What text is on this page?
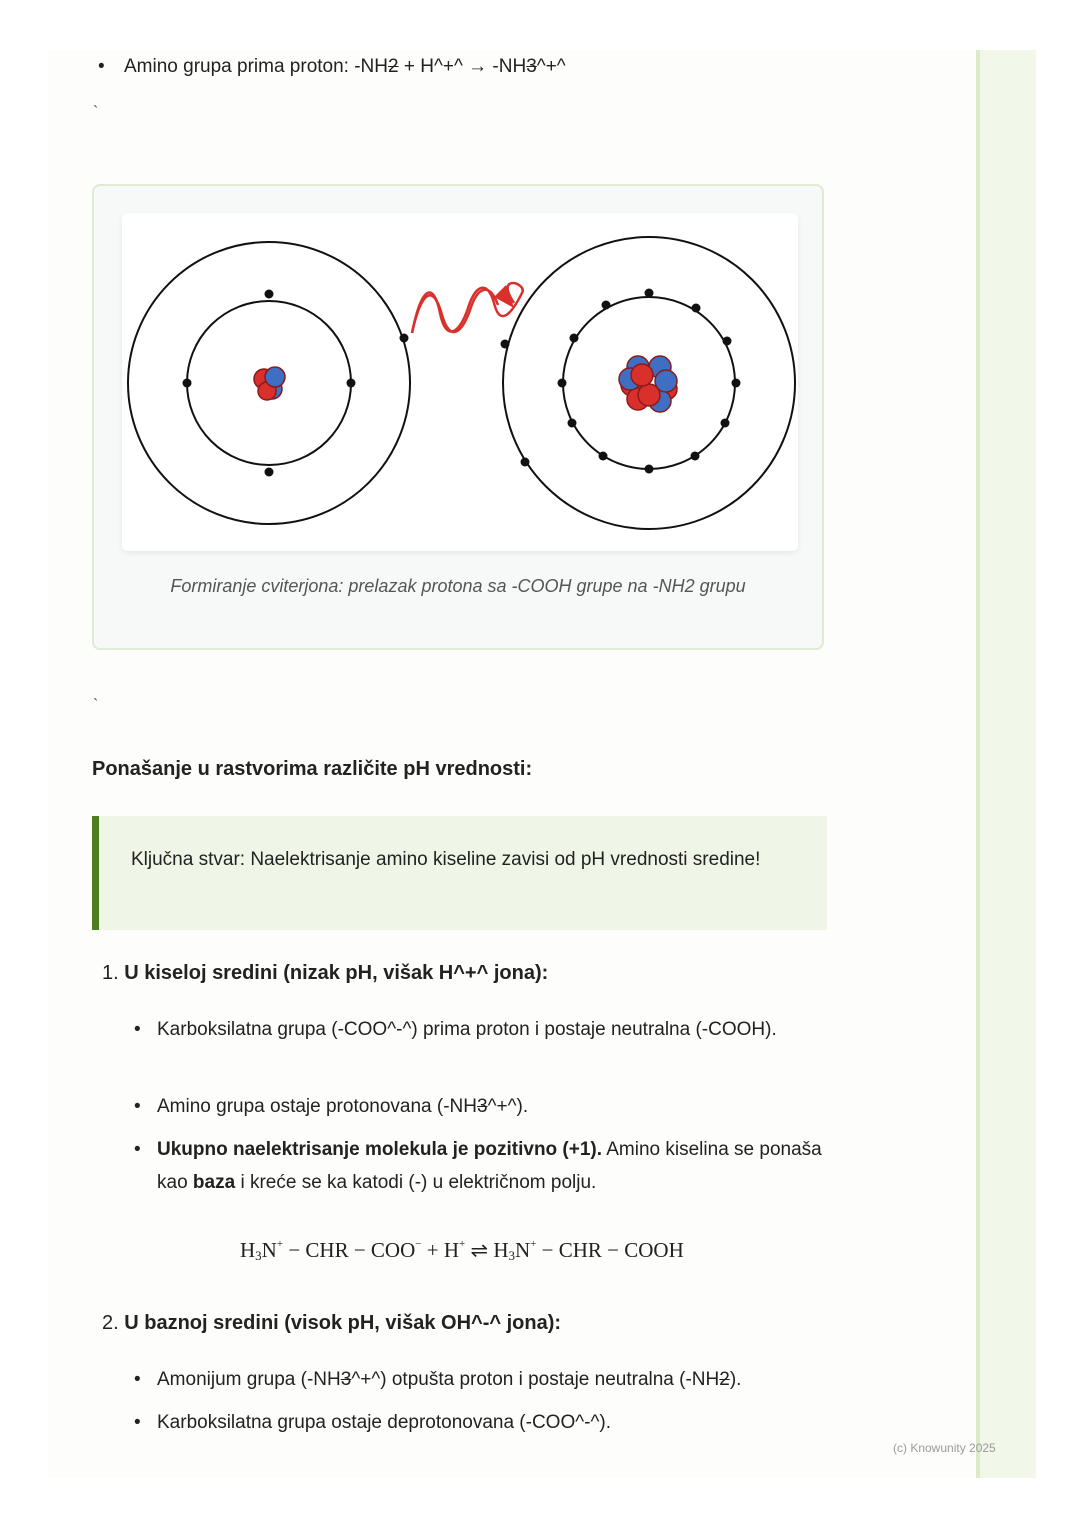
(c) Knowunity 2025
• Amino grupa prima proton: -NH2 + H^+^ → -NH3^+^
`
Formiranje cviterjona: prelazak protona sa -COOH grupe na -NH2 grupu
`
Ponašanje u rastvorima različite pH vrednosti:
Ključna stvar: Naelektrisanje amino kiseline zavisi od pH vrednosti sredine!
1. U kiseloj sredini (nizak pH, višak H^+^ jona):
• Karboksilatna grupa (-COO^-^) prima proton i postaje neutralna (-COOH).
• Amino grupa ostaje protonovana (-NH3^+^).
• Ukupno naelektrisanje molekula je pozitivno (+1). Amino kiselina se ponaša kao baza i kreće se ka katodi (-) u električnom polju.
$H_3N^+$ − CHR − COO− + H+ ⇌ $H_3N^+$ − CHR − COOH
2. U baznoj sredini (visok pH, višak OH^-^ jona):
• Amonijum grupa (-NH3^+^) otpušta proton i postaje neutralna (-NH2).
• Karboksilatna grupa ostaje deprotonovana (-COO^-^).
